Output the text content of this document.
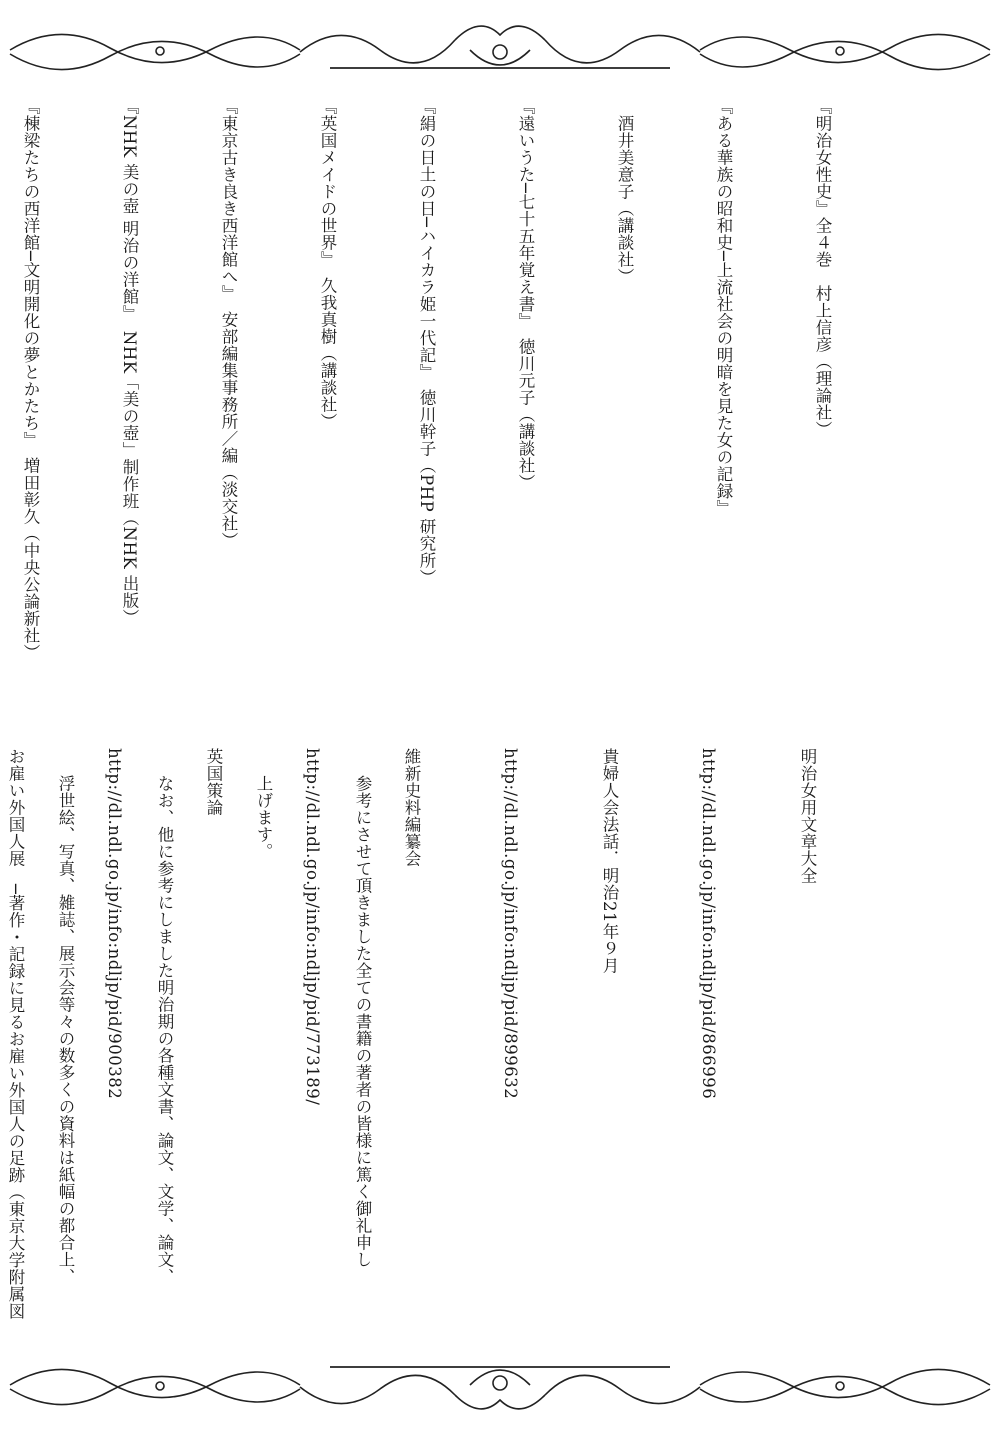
『明治女性史』全４巻　村上信彦（理論社）

『ある華族の昭和史─上流社会の明暗を見た女の記録』

　酒井美意子（講談社）

『遠いうた─七十五年覚え書』　徳川元子（講談社）

『絹の日土の日─ハイカラ姫一代記』　徳川幹子（PHP 研究所）

『英国メイドの世界』　久我真樹（講談社）

『東京古き良き西洋館へ』　安部編集事務所／編（淡交社）

『NHK 美の壺 明治の洋館』　NHK「美の壺」制作班（NHK 出版）

『棟梁たちの西洋館─文明開化の夢とかたち』　増田彰久（中央公論新社）

明治女用文章大全

http://dl.ndl.go.jp/info:ndljp/pid/866996

貴婦人会法話．明治21年９月

http://dl.ndl.go.jp/info:ndljp/pid/899632

維新史料編纂会

http://dl.ndl.go.jp/info:ndljp/pid/773189/

英国策論

http://dl.ndl.go.jp/info:ndljp/pid/900382

お雇い外国人展　─著作・記録に見るお雇い外国人の足跡（東京大学附属図

	参考にさせて頂きました全ての書籍の著者の皆様に篤く御礼申し

上げます。

なお、他に参考にしました明治期の各種文書、論文、文学、論文、

浮世絵、写真、雑誌、展示会等々の数多くの資料は紙幅の都合上、
